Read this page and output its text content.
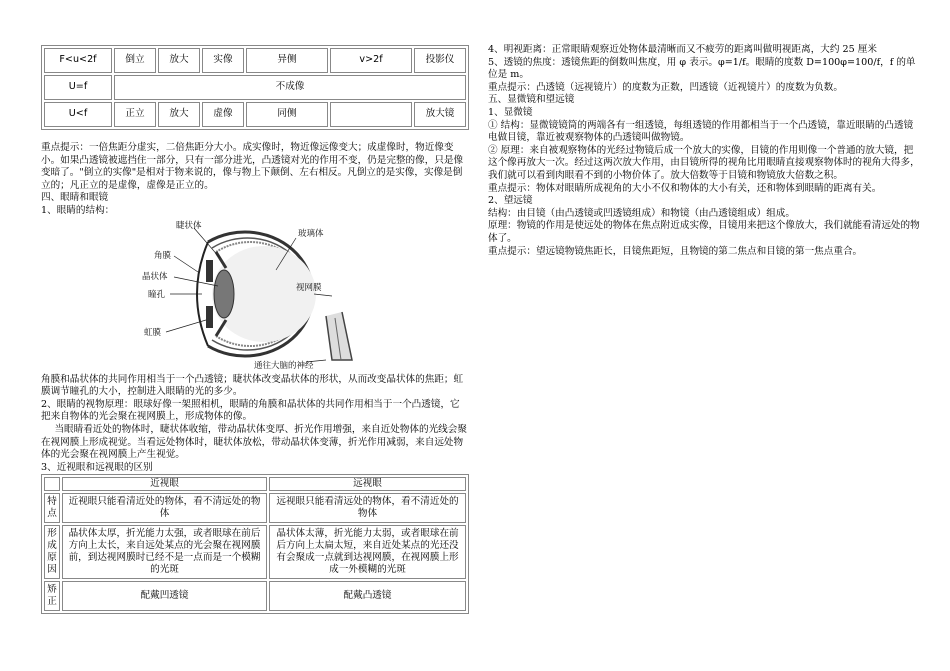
F<u<2f	倒立	放大	实像	异侧	v>2f	投影仪
U=f	不成像					
U<f	正立	放大	虚像	同侧		放大镜

重点提示：一倍焦距分虚实，二倍焦距分大小。成实像时，物近像远像变大；成虚像时，物近像变小。如果凸透镜被遮挡住一部分，只有一部分进光，凸透镜对光的作用不变，仍是完整的像，只是像变暗了。"倒立的实像"是相对于物来说的，像与物上下颠倒、左右相反。凡倒立的是实像，实像是倒立的；凡正立的是虚像，虚像是正立的。

四、眼睛和眼镜

1、眼睛的结构：

睫状体
角膜
晶状体
瞳孔
虹膜
玻璃体
视网膜
通往大脑的神经

角膜和晶状体的共同作用相当于一个凸透镜；睫状体改变晶状体的形状，从而改变晶状体的焦距；虹膜调节瞳孔的大小，控制进入眼睛的光的多少。

2、眼睛的视物原理：眼球好像一架照相机，眼睛的角膜和晶状体的共同作用相当于一个凸透镜，它把来自物体的光会聚在视网膜上，形成物体的像。

当眼睛看近处的物体时，睫状体收缩，带动晶状体变厚、折光作用增强，来自近处物体的光线会聚在视网膜上形成视觉。当看远处物体时，睫状体放松，带动晶状体变薄，折光作用减弱，来自远处物体的光会聚在视网膜上产生视觉。

3、近视眼和远视眼的区别

	近视眼	远视眼
特点	近视眼只能看清近处的物体，看不清远处的物体	远视眼只能看清远处的物体，看不清近处的物体
形成原因	晶状体太厚，折光能力太强，或者眼球在前后方向上太长，来自远处某点的光会聚在视网膜前，到达视网膜时已经不是一点而是一个模糊的光斑	晶状体太薄，折光能力太弱，或者眼球在前后方向上太扁太短，来自近处某点的光还没有会聚成一点就到达视网膜，在视网膜上形成一外模糊的光斑
矫正	配戴凹透镜	配戴凸透镜

4、明视距离：正常眼睛观察近处物体最清晰而又不疲劳的距离叫做明视距离，大约 25 厘米

5、透镜的焦度：透镜焦距的倒数叫焦度，用 φ 表示。φ=1/f。眼睛的度数 D=100φ=100/f，f 的单位是 m。

重点提示：凸透镜（远视镜片）的度数为正数，凹透镜（近视镜片）的度数为负数。

五、显微镜和望远镜

1、显微镜

① 结构：显微镜镜筒的两端各有一组透镜，每组透镜的作用都相当于一个凸透镜，靠近眼睛的凸透镜电做目镜，靠近被观察物体的凸透镜叫做物镜。

② 原理：来自被观察物体的光经过物镜后成一个放大的实像，目镜的作用则像一个普通的放大镜，把这个像再放大一次。经过这两次放大作用，由目镜所得的视角比用眼睛直接观察物体时的视角大得多，我们就可以看到肉眼看不到的小物价体了。放大倍数等于目镜和物镜放大倍数之积。

重点提示：物体对眼睛所成视角的大小不仅和物体的大小有关，还和物体到眼睛的距离有关。

2、望远镜

结构：由目镜（由凸透镜或凹透镜组成）和物镜（由凸透镜组成）组成。

原理：物镜的作用是使远处的物体在焦点附近成实像，目镜用来把这个像放大，我们就能看清远处的物体了。

重点提示：望远镜物镜焦距长，目镜焦距短，且物镜的第二焦点和目镜的第一焦点重合。
